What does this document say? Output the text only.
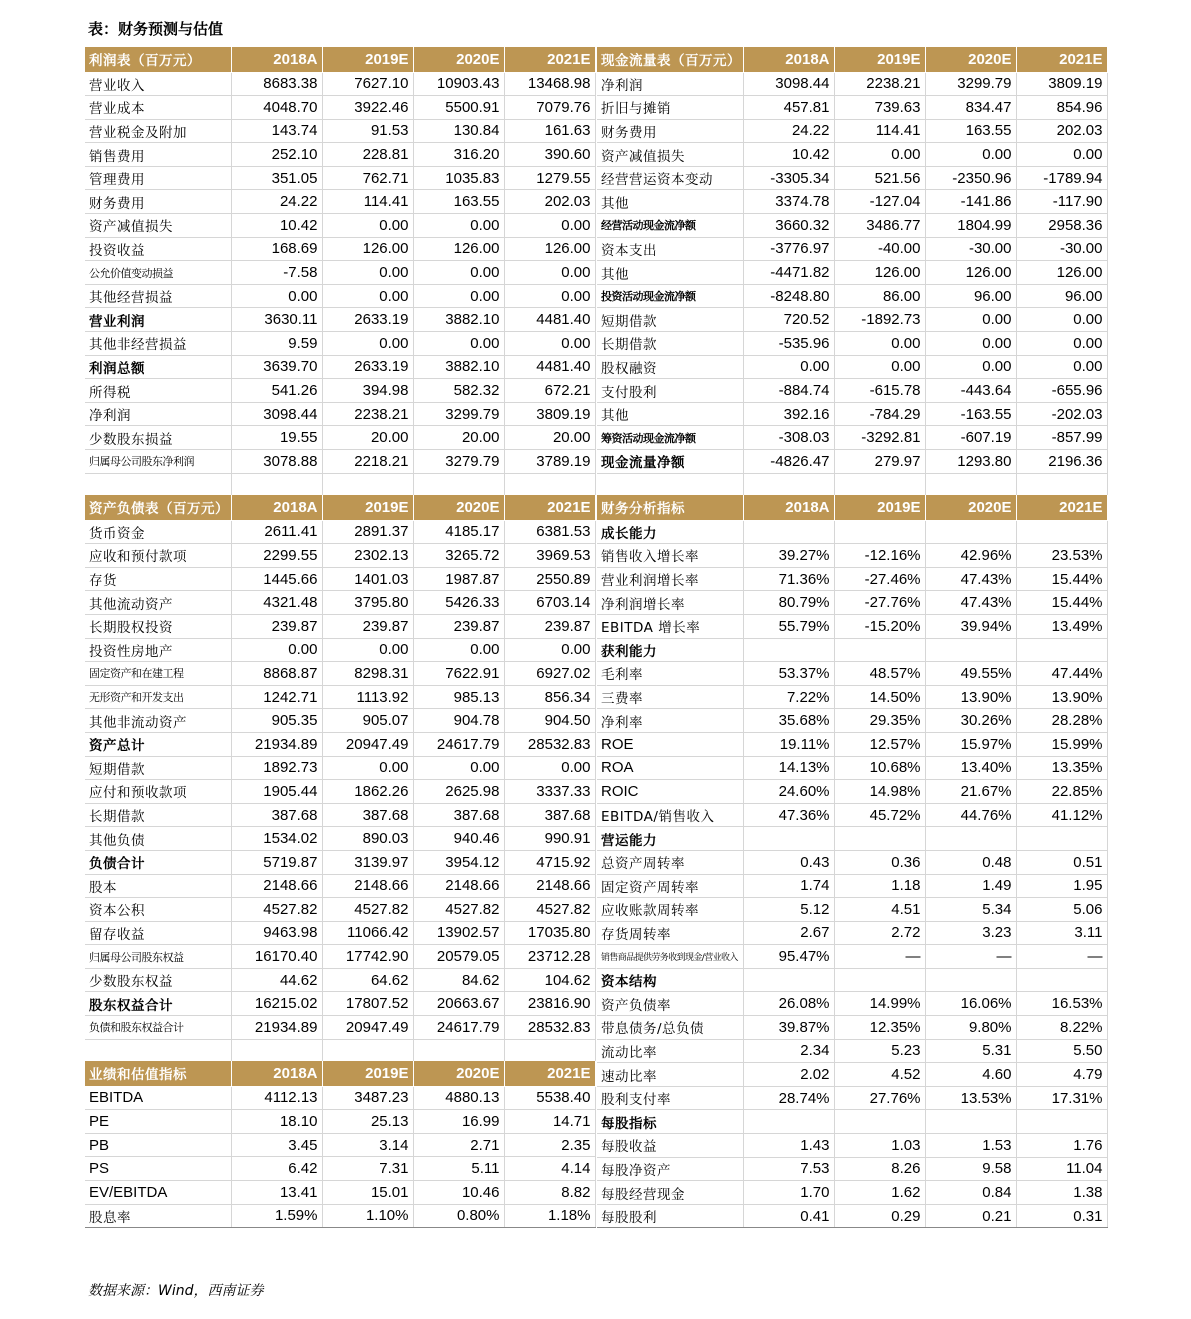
表：财务预测与估值
利润表（百万元）	2018A	2019E	2020E	2021E
营业收入	8683.38	7627.10	10903.43	13468.98
营业成本	4048.70	3922.46	5500.91	7079.76
营业税金及附加	143.74	91.53	130.84	161.63
销售费用	252.10	228.81	316.20	390.60
管理费用	351.05	762.71	1035.83	1279.55
财务费用	24.22	114.41	163.55	202.03
资产减值损失	10.42	0.00	0.00	0.00
投资收益	168.69	126.00	126.00	126.00
公允价值变动损益	-7.58	0.00	0.00	0.00
其他经营损益	0.00	0.00	0.00	0.00
营业利润	3630.11	2633.19	3882.10	4481.40
其他非经营损益	9.59	0.00	0.00	0.00
利润总额	3639.70	2633.19	3882.10	4481.40
所得税	541.26	394.98	582.32	672.21
净利润	3098.44	2238.21	3299.79	3809.19
少数股东损益	19.55	20.00	20.00	20.00
归属母公司股东净利润	3078.88	2218.21	3279.79	3789.19

资产负债表（百万元）	2018A	2019E	2020E	2021E
货币资金	2611.41	2891.37	4185.17	6381.53
应收和预付款项	2299.55	2302.13	3265.72	3969.53
存货	1445.66	1401.03	1987.87	2550.89
其他流动资产	4321.48	3795.80	5426.33	6703.14
长期股权投资	239.87	239.87	239.87	239.87
投资性房地产	0.00	0.00	0.00	0.00
固定资产和在建工程	8868.87	8298.31	7622.91	6927.02
无形资产和开发支出	1242.71	1113.92	985.13	856.34
其他非流动资产	905.35	905.07	904.78	904.50
资产总计	21934.89	20947.49	24617.79	28532.83
短期借款	1892.73	0.00	0.00	0.00
应付和预收款项	1905.44	1862.26	2625.98	3337.33
长期借款	387.68	387.68	387.68	387.68
其他负债	1534.02	890.03	940.46	990.91
负债合计	5719.87	3139.97	3954.12	4715.92
股本	2148.66	2148.66	2148.66	2148.66
资本公积	4527.82	4527.82	4527.82	4527.82
留存收益	9463.98	11066.42	13902.57	17035.80
归属母公司股东权益	16170.40	17742.90	20579.05	23712.28
少数股东权益	44.62	64.62	84.62	104.62
股东权益合计	16215.02	17807.52	20663.67	23816.90
负债和股东权益合计	21934.89	20947.49	24617.79	28532.83

业绩和估值指标	2018A	2019E	2020E	2021E
EBITDA	4112.13	3487.23	4880.13	5538.40
PE	18.10	25.13	16.99	14.71
PB	3.45	3.14	2.71	2.35
PS	6.42	7.31	5.11	4.14
EV/EBITDA	13.41	15.01	10.46	8.82
股息率	1.59%	1.10%	0.80%	1.18%
现金流量表（百万元）	2018A	2019E	2020E	2021E
净利润	3098.44	2238.21	3299.79	3809.19
折旧与摊销	457.81	739.63	834.47	854.96
财务费用	24.22	114.41	163.55	202.03
资产减值损失	10.42	0.00	0.00	0.00
经营营运资本变动	-3305.34	521.56	-2350.96	-1789.94
其他	3374.78	-127.04	-141.86	-117.90
经营活动现金流净额	3660.32	3486.77	1804.99	2958.36
资本支出	-3776.97	-40.00	-30.00	-30.00
其他	-4471.82	126.00	126.00	126.00
投资活动现金流净额	-8248.80	86.00	96.00	96.00
短期借款	720.52	-1892.73	0.00	0.00
长期借款	-535.96	0.00	0.00	0.00
股权融资	0.00	0.00	0.00	0.00
支付股利	-884.74	-615.78	-443.64	-655.96
其他	392.16	-784.29	-163.55	-202.03
筹资活动现金流净额	-308.03	-3292.81	-607.19	-857.99
现金流量净额	-4826.47	279.97	1293.80	2196.36

财务分析指标	2018A	2019E	2020E	2021E
成长能力				
销售收入增长率	39.27%	-12.16%	42.96%	23.53%
营业利润增长率	71.36%	-27.46%	47.43%	15.44%
净利润增长率	80.79%	-27.76%	47.43%	15.44%
EBITDA 增长率	55.79%	-15.20%	39.94%	13.49%
获利能力				
毛利率	53.37%	48.57%	49.55%	47.44%
三费率	7.22%	14.50%	13.90%	13.90%
净利率	35.68%	29.35%	30.26%	28.28%
ROE	19.11%	12.57%	15.97%	15.99%
ROA	14.13%	10.68%	13.40%	13.35%
ROIC	24.60%	14.98%	21.67%	22.85%
EBITDA/销售收入	47.36%	45.72%	44.76%	41.12%
营运能力				
总资产周转率	0.43	0.36	0.48	0.51
固定资产周转率	1.74	1.18	1.49	1.95
应收账款周转率	5.12	4.51	5.34	5.06
存货周转率	2.67	2.72	3.23	3.11
销售商品提供劳务收到现金/营业收入	95.47%	—	—	—
资本结构				
资产负债率	26.08%	14.99%	16.06%	16.53%
带息债务/总负债	39.87%	12.35%	9.80%	8.22%
流动比率	2.34	5.23	5.31	5.50
速动比率	2.02	4.52	4.60	4.79
股利支付率	28.74%	27.76%	13.53%	17.31%
每股指标				
每股收益	1.43	1.03	1.53	1.76
每股净资产	7.53	8.26	9.58	11.04
每股经营现金	1.70	1.62	0.84	1.38
每股股利	0.41	0.29	0.21	0.31
数据来源：Wind，西南证券
